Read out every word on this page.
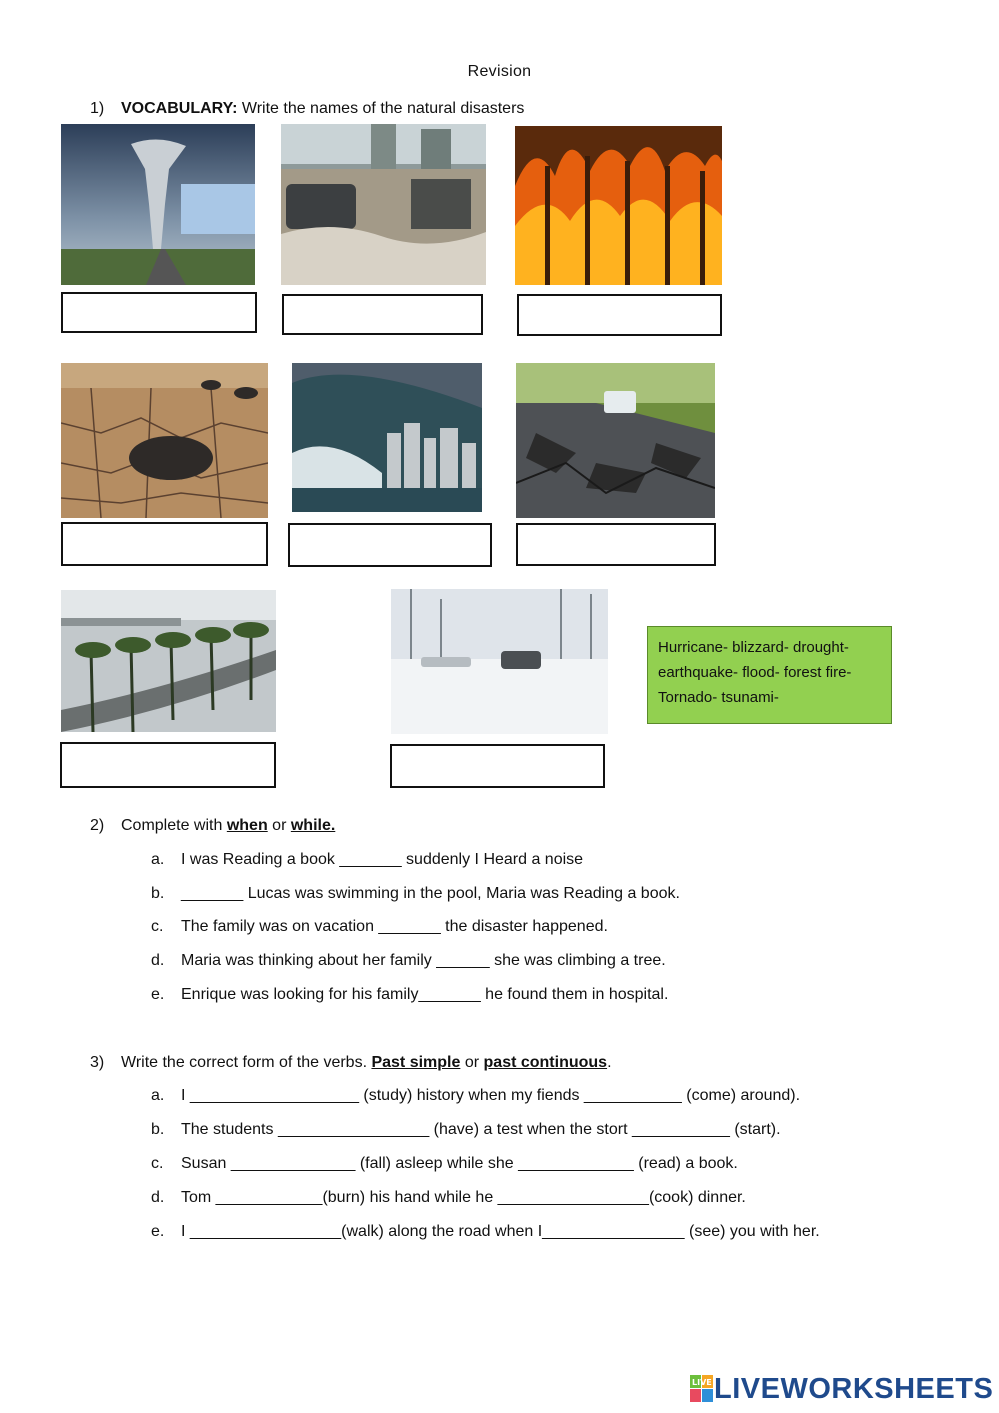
Revision
1) VOCABULARY: Write the names of the natural disasters
Hurricane- blizzard- drought- earthquake- flood- forest fire-Tornado- tsunami-
2) Complete with when or while.
a. I was Reading a book _______ suddenly I Heard a noise
b. _______ Lucas was swimming in the pool, Maria was Reading a book.
c. The family was on vacation _______ the disaster happened.
d. Maria was thinking about her family ______ she was climbing a tree.
e. Enrique was looking for his family_______ he found them in hospital.
3) Write the correct form of the verbs. Past simple or past continuous.
a. I ___________________ (study) history when my fiends ___________ (come) around).
b. The students _________________ (have) a test when the stort ___________ (start).
c. Susan ______________ (fall) asleep while she _____________ (read) a book.
d. Tom ____________(burn) his hand while he _________________(cook) dinner.
e. I _________________(walk) along the road when I________________ (see) you with her.
LIVE LIVEWORKSHEETS
